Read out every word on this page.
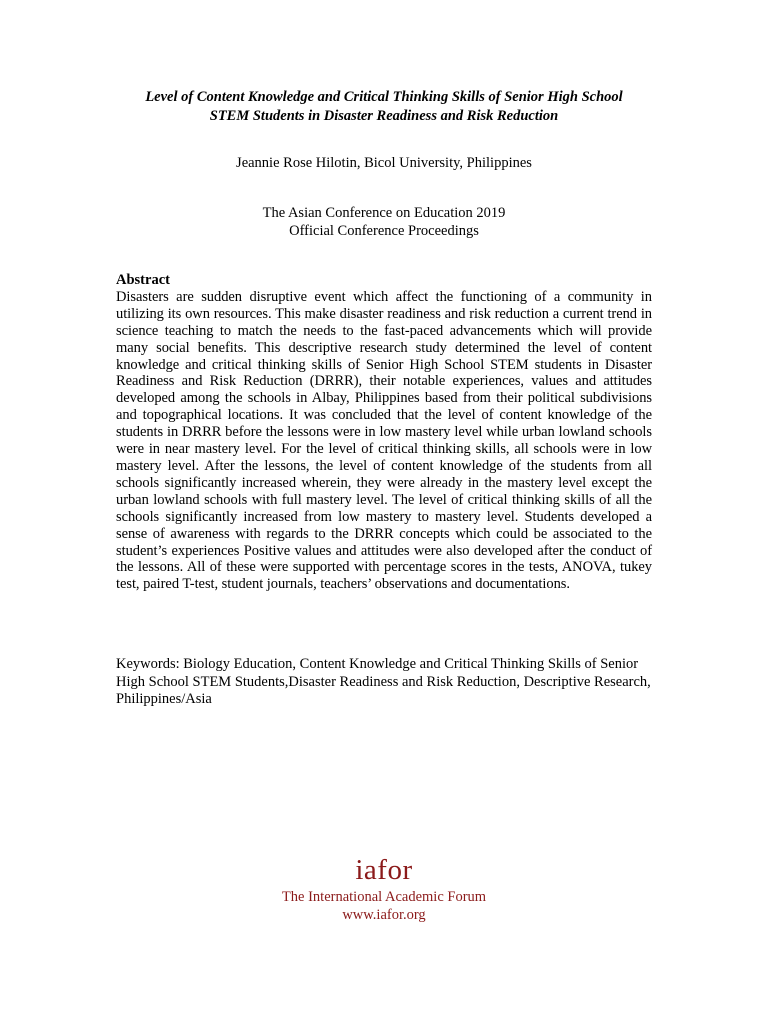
Level of Content Knowledge and Critical Thinking Skills of Senior High School
STEM Students in Disaster Readiness and Risk Reduction
Jeannie Rose Hilotin, Bicol University, Philippines
The Asian Conference on Education 2019
Official Conference Proceedings
Abstract
Disasters are sudden disruptive event which affect the functioning of a community in utilizing its own resources. This make disaster readiness and risk reduction a current trend in science teaching to match the needs to the fast-paced advancements which will provide many social benefits. This descriptive research study determined the level of content knowledge and critical thinking skills of Senior High School STEM students in Disaster Readiness and Risk Reduction (DRRR), their notable experiences, values and attitudes developed among the schools in Albay, Philippines based from their political subdivisions and topographical locations. It was concluded that the level of content knowledge of the students in DRRR before the lessons were in low mastery level while urban lowland schools were in near mastery level. For the level of critical thinking skills, all schools were in low mastery level. After the lessons, the level of content knowledge of the students from all schools significantly increased wherein, they were already in the mastery level except the urban lowland schools with full mastery level. The level of critical thinking skills of all the schools significantly increased from low mastery to mastery level. Students developed a sense of awareness with regards to the DRRR concepts which could be associated to the student’s experiences Positive values and attitudes were also developed after the conduct of the lessons. All of these were supported with percentage scores in the tests, ANOVA, tukey test, paired T-test, student journals, teachers’ observations and documentations.
Keywords: Biology Education, Content Knowledge and Critical Thinking Skills of Senior High School STEM Students,Disaster Readiness and Risk Reduction, Descriptive Research, Philippines/Asia
iafor
The International Academic Forum
www.iafor.org
